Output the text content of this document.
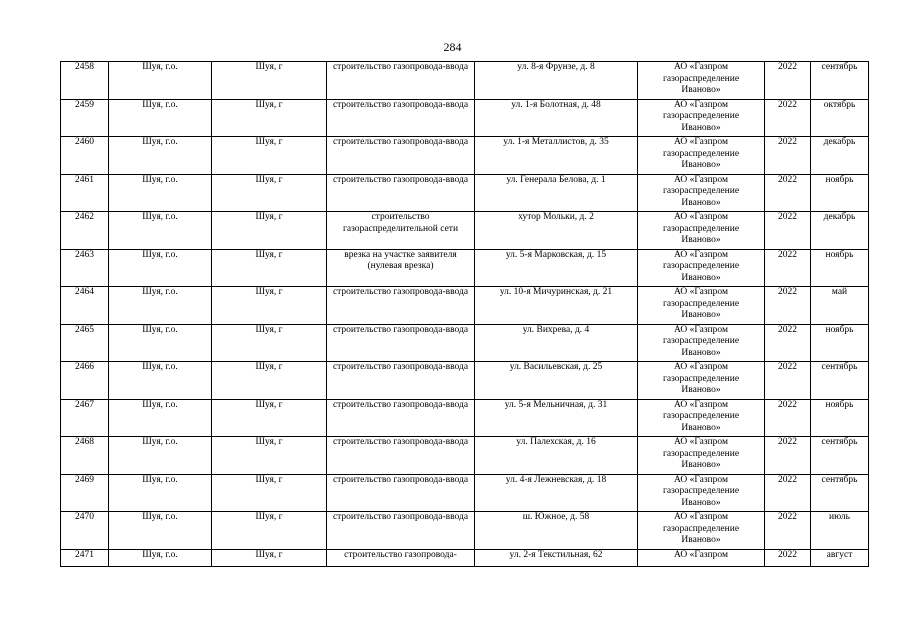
284
2458	Шуя, г.о.	Шуя, г	строительство газопровода-ввода	ул. 8-я Фрунзе, д. 8	АО «Газпром
газораспределение
Иваново»	2022	сентябрь
2459	Шуя, г.о.	Шуя, г	строительство газопровода-ввода	ул. 1-я Болотная, д. 48	АО «Газпром
газораспределение
Иваново»	2022	октябрь
2460	Шуя, г.о.	Шуя, г	строительство газопровода-ввода	ул. 1-я Металлистов, д. 35	АО «Газпром
газораспределение
Иваново»	2022	декабрь
2461	Шуя, г.о.	Шуя, г	строительство газопровода-ввода	ул. Генерала Белова, д. 1	АО «Газпром
газораспределение
Иваново»	2022	ноябрь
2462	Шуя, г.о.	Шуя, г	строительство газораспределительной сети	хутор Мольки, д. 2	АО «Газпром
газораспределение
Иваново»	2022	декабрь
2463	Шуя, г.о.	Шуя, г	врезка на участке заявителя (нулевая врезка)	ул. 5-я Марковская, д. 15	АО «Газпром
газораспределение
Иваново»	2022	ноябрь
2464	Шуя, г.о.	Шуя, г	строительство газопровода-ввода	ул. 10-я Мичуринская, д. 21	АО «Газпром
газораспределение
Иваново»	2022	май
2465	Шуя, г.о.	Шуя, г	строительство газопровода-ввода	ул. Вихрева, д. 4	АО «Газпром
газораспределение
Иваново»	2022	ноябрь
2466	Шуя, г.о.	Шуя, г	строительство газопровода-ввода	ул. Васильевская, д. 25	АО «Газпром
газораспределение
Иваново»	2022	сентябрь
2467	Шуя, г.о.	Шуя, г	строительство газопровода-ввода	ул. 5-я Мельничная, д. 31	АО «Газпром
газораспределение
Иваново»	2022	ноябрь
2468	Шуя, г.о.	Шуя, г	строительство газопровода-ввода	ул. Палехская, д. 16	АО «Газпром
газораспределение
Иваново»	2022	сентябрь
2469	Шуя, г.о.	Шуя, г	строительство газопровода-ввода	ул. 4-я Лежневская, д. 18	АО «Газпром
газораспределение
Иваново»	2022	сентябрь
2470	Шуя, г.о.	Шуя, г	строительство газопровода-ввода	ш. Южное, д. 58	АО «Газпром
газораспределение
Иваново»	2022	июль
2471	Шуя, г.о.	Шуя, г	строительство газопровода-	ул. 2-я Текстильная, 62	АО «Газпром	2022	август
